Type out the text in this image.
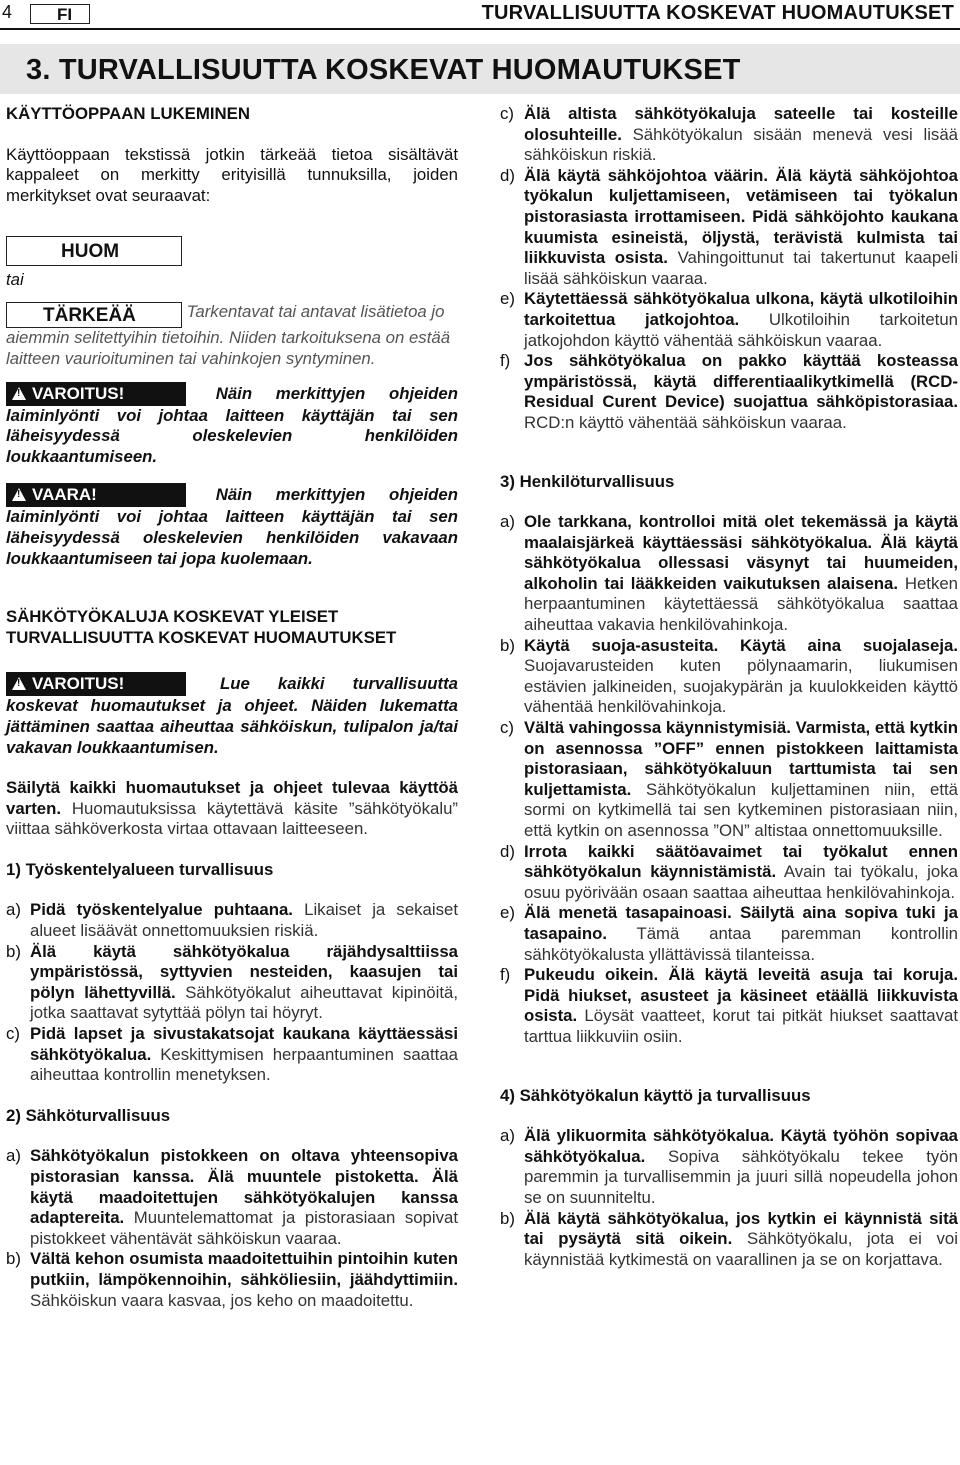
4	FI	TURVALLISUUTTA KOSKEVAT HUOMAUTUKSET
3. TURVALLISUUTTA KOSKEVAT HUOMAUTUKSET

KÄYTTÖOPPAAN LUKEMINEN

Käyttöoppaan tekstissä jotkin tärkeää tietoa sisältävät kappaleet on merkitty erityisillä tunnuksilla, joiden merkitykset ovat seuraavat:

HUOM
tai
TÄRKEÄÄ	Tarkentavat tai antavat lisätietoa jo aiemmin selitettyihin tietoihin. Niiden tarkoituksena on estää laitteen vaurioituminen tai vahinkojen syntyminen.
!VAROITUS!	Näin merkittyjen ohjeiden laiminlyönti voi johtaa laitteen käyttäjän tai sen läheisyydessä oleskelevien henkilöiden loukkaantumiseen.
!VAARA!	Näin merkittyjen ohjeiden laiminlyönti voi johtaa laitteen käyttäjän tai sen läheisyydessä oleskelevien henkilöiden vakavaan loukkaantumiseen tai jopa kuolemaan.

SÄHKÖTYÖKALUJA KOSKEVAT YLEISET TURVALLISUUTTA KOSKEVAT HUOMAUTUKSET

!VAROITUS!	Lue kaikki turvallisuutta koskevat huomautukset ja ohjeet. Näiden lukematta jättäminen saattaa aiheuttaa sähköiskun, tulipalon ja/tai vakavan loukkaantumisen.

Säilytä kaikki huomautukset ja ohjeet tulevaa käyttöä varten. Huomautuksissa käytettävä käsite ”sähkötyökalu” viittaa sähköverkosta virtaa ottavaan laitteeseen.

1) Työskentelyalueen turvallisuus

a) Pidä työskentelyalue puhtaana. Likaiset ja sekaiset alueet lisäävät onnettomuuksien riskiä.
b) Älä käytä sähkötyökalua räjähdysalttiissa ympäristössä, syttyvien nesteiden, kaasujen tai pölyn lähettyvillä. Sähkötyökalut aiheuttavat kipinöitä, jotka saattavat sytyttää pölyn tai höyryt.
c) Pidä lapset ja sivustakatsojat kaukana käyttäessäsi sähkötyökalua. Keskittymisen herpaantuminen saattaa aiheuttaa kontrollin menetyksen.

2) Sähköturvallisuus

a) Sähkötyökalun pistokkeen on oltava yhteensopiva pistorasian kanssa. Älä muuntele pistoketta. Älä käytä maadoitettujen sähkötyökalujen kanssa adaptereita. Muuntelemattomat ja pistorasiaan sopivat pistokkeet vähentävät sähköiskun vaaraa.
b) Vältä kehon osumista maadoitettuihin pintoihin kuten putkiin, lämpökennoihin, sähköliesiin, jäähdyttimiin. Sähköiskun vaara kasvaa, jos keho on maadoitettu.
c) Älä altista sähkötyökaluja sateelle tai kosteille olosuhteille. Sähkötyökalun sisään menevä vesi lisää sähköiskun riskiä.
d) Älä käytä sähköjohtoa väärin. Älä käytä sähköjohtoa työkalun kuljettamiseen, vetämiseen tai työkalun pistorasiasta irrottamiseen. Pidä sähköjohto kaukana kuumista esineistä, öljystä, terävistä kulmista tai liikkuvista osista. Vahingoittunut tai takertunut kaapeli lisää sähköiskun vaaraa.
e) Käytettäessä sähkötyökalua ulkona, käytä ulkotiloihin tarkoitettua jatkojohtoa. Ulkotiloihin tarkoitetun jatkojohdon käyttö vähentää sähköiskun vaaraa.
f) Jos sähkötyökalua on pakko käyttää kosteassa ympäristössä, käytä differentiaalikytkimellä (RCD-Residual Curent Device) suojattua sähköpistorasiaa. RCD:n käyttö vähentää sähköiskun vaaraa.

3) Henkilöturvallisuus

a) Ole tarkkana, kontrolloi mitä olet tekemässä ja käytä maalaisjärkeä käyttäessäsi sähkötyökalua. Älä käytä sähkötyökalua ollessasi väsynyt tai huumeiden, alkoholin tai lääkkeiden vaikutuksen alaisena. Hetken herpaantuminen käytettäessä sähkötyökalua saattaa aiheuttaa vakavia henkilövahinkoja.
b) Käytä suoja-asusteita. Käytä aina suojalaseja. Suojavarusteiden kuten pölynaamarin, liukumisen estävien jalkineiden, suojakypärän ja kuulokkeiden käyttö vähentää henkilövahinkoja.
c) Vältä vahingossa käynnistymisiä. Varmista, että kytkin on asennossa ”OFF” ennen pistokkeen laittamista pistorasiaan, sähkötyökaluun tarttumista tai sen kuljettamista. Sähkötyökalun kuljettaminen niin, että sormi on kytkimellä tai sen kytkeminen pistorasiaan niin, että kytkin on asennossa ”ON” altistaa onnettomuuksille.
d) Irrota kaikki säätöavaimet tai työkalut ennen sähkötyökalun käynnistämistä. Avain tai työkalu, joka osuu pyörivään osaan saattaa aiheuttaa henkilövahinkoja.
e) Älä menetä tasapainoasi. Säilytä aina sopiva tuki ja tasapaino. Tämä antaa paremman kontrollin sähkötyökalusta yllättävissä tilanteissa.
f) Pukeudu oikein. Älä käytä leveitä asuja tai koruja. Pidä hiukset, asusteet ja käsineet etäällä liikkuvista osista. Löysät vaatteet, korut tai pitkät hiukset saattavat tarttua liikkuviin osiin.

4) Sähkötyökalun käyttö ja turvallisuus

a) Älä ylikuormita sähkötyökalua. Käytä työhön sopivaa sähkötyökalua. Sopiva sähkötyökalu tekee työn paremmin ja turvallisemmin ja juuri sillä nopeudella johon se on suunniteltu.
b) Älä käytä sähkötyökalua, jos kytkin ei käynnistä sitä tai pysäytä sitä oikein. Sähkötyökalu, jota ei voi käynnistää kytkimestä on vaarallinen ja se on korjattava.
